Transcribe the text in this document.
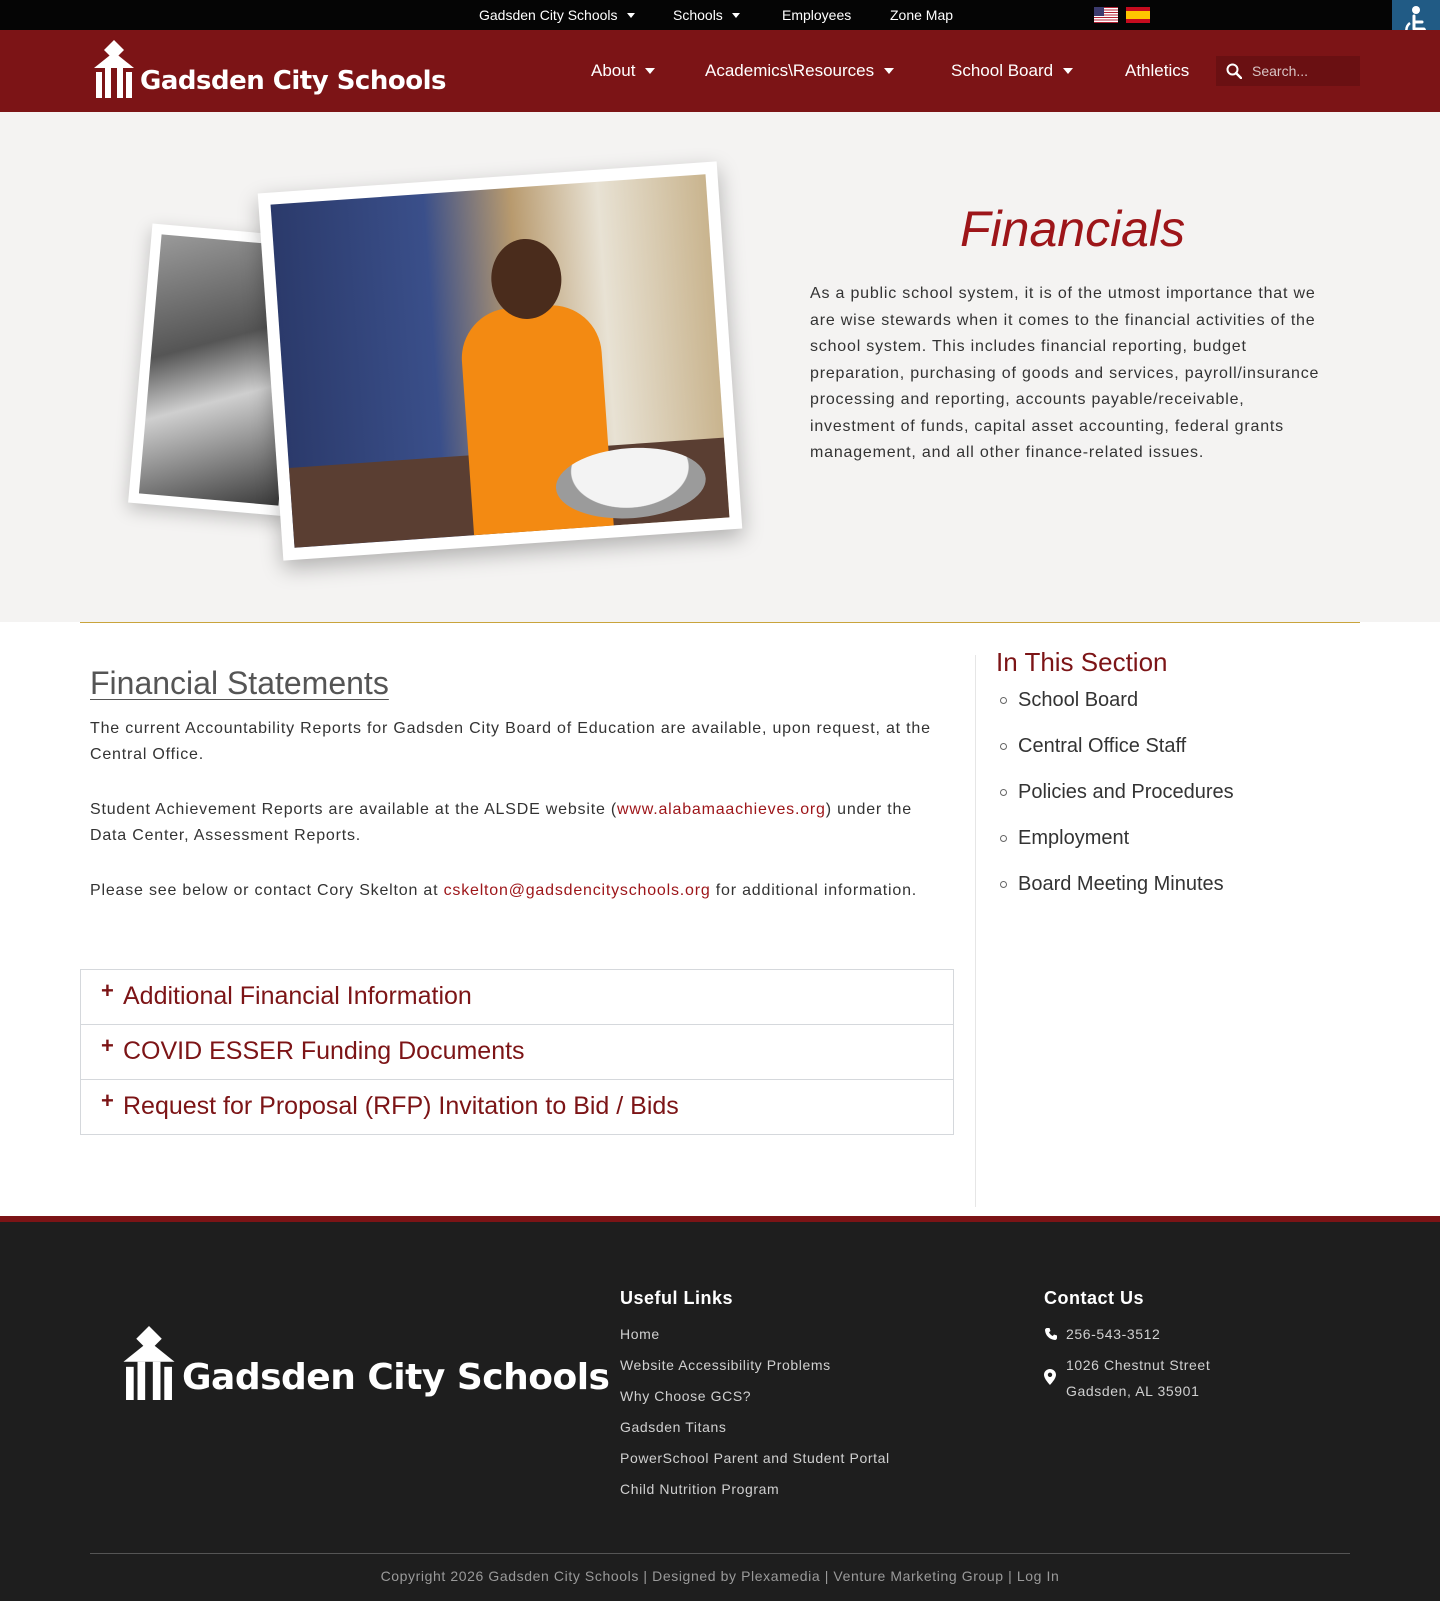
Gadsden City Schools	Schools	Employees	Zone Map
Gadsden City Schools	About	Academics\Resources	School Board	Athletics
Search...
Financials
As a public school system, it is of the utmost importance that we are wise stewards when it comes to the financial activities of the school system. This includes financial reporting, budget preparation, purchasing of goods and services, payroll/insurance processing and reporting, accounts payable/receivable, investment of funds, capital asset accounting, federal grants management, and all other finance-related issues.
Financial Statements
The current Accountability Reports for Gadsden City Board of Education are available, upon request, at the Central Office.
Student Achievement Reports are available at the ALSDE website (www.alabamaachieves.org) under the Data Center, Assessment Reports.
Please see below or contact Cory Skelton at cskelton@gadsdencityschools.org for additional information.
+ Additional Financial Information
+ COVID ESSER Funding Documents
+ Request for Proposal (RFP) Invitation to Bid / Bids
In This Section
School Board
Central Office Staff
Policies and Procedures
Employment
Board Meeting Minutes
Gadsden City Schools
Useful Links
Home
Website Accessibility Problems
Why Choose GCS?
Gadsden Titans
PowerSchool Parent and Student Portal
Child Nutrition Program
Contact Us
256-543-3512
1026 Chestnut Street
Gadsden, AL 35901
Copyright 2026 Gadsden City Schools | Designed by Plexamedia | Venture Marketing Group | Log In
